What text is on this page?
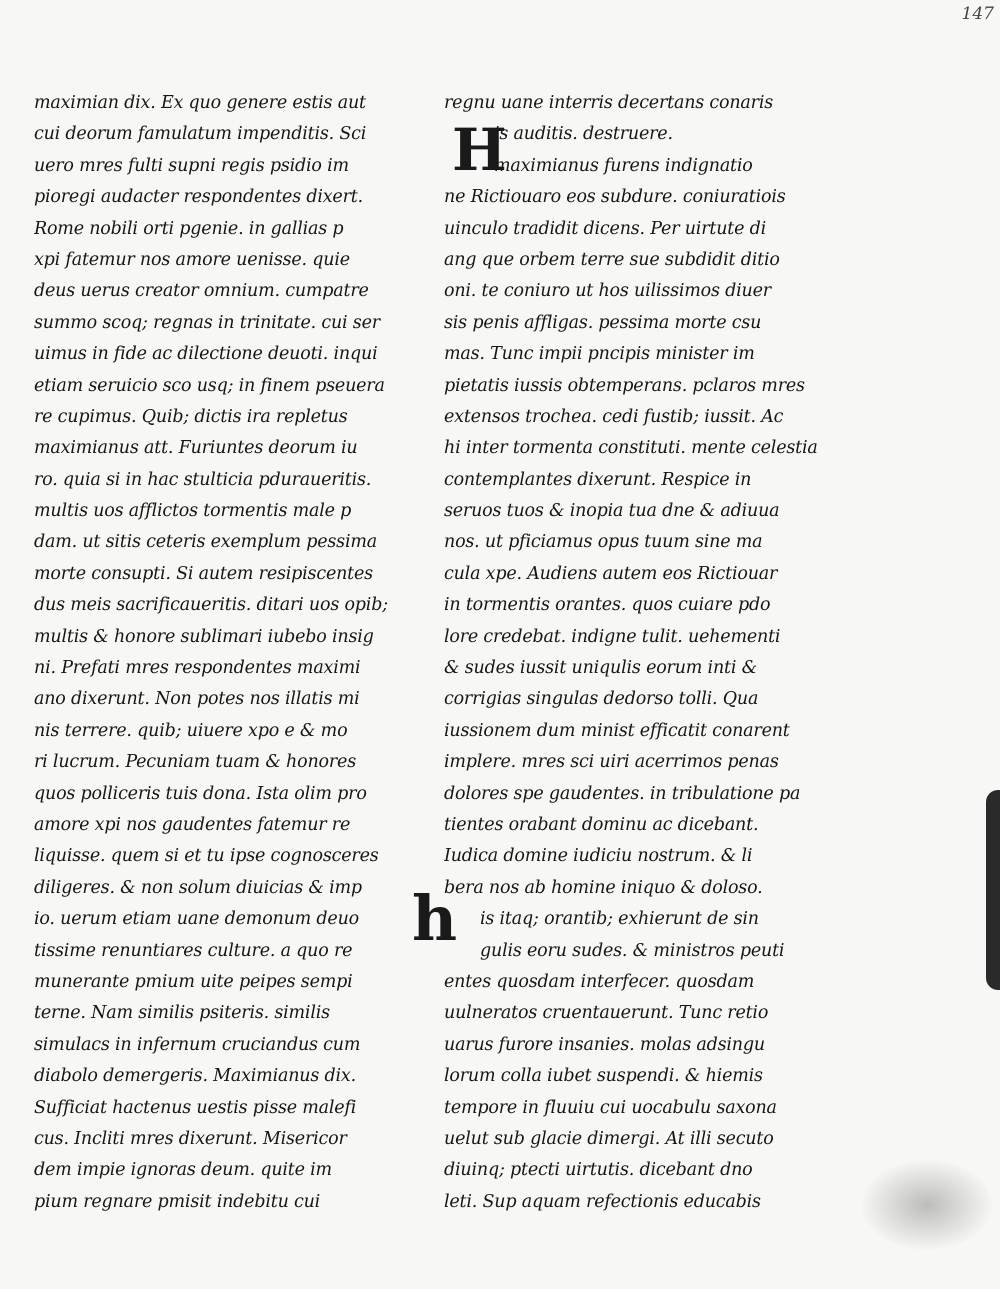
147
maximian dix. Ex quo genere estis aut
cui deorum famulatum impenditis. Sci
uero mres fulti supni regis psidio im
pioregi audacter respondentes dixert.
Rome nobili orti pgenie. in gallias p
xpi fatemur nos amore uenisse. quie
deus uerus creator omnium. cumpatre
summo scoq; regnas in trinitate. cui ser
uimus in fide ac dilectione deuoti. inqui
etiam seruicio sco usq; in finem pseuera
re cupimus. Quib; dictis ira repletus
maximianus att. Furiuntes deorum iu
ro. quia si in hac stulticia pduraueritis.
multis uos afflictos tormentis male p
dam. ut sitis ceteris exemplum pessima
morte consupti. Si autem resipiscentes
dus meis sacrificaueritis. ditari uos opib;
multis & honore sublimari iubebo insig
ni. Prefati mres respondentes maximi
ano dixerunt. Non potes nos illatis mi
nis terrere. quib; uiuere xpo e & mo
ri lucrum. Pecuniam tuam & honores
quos polliceris tuis dona. Ista olim pro
amore xpi nos gaudentes fatemur re
liquisse. quem si et tu ipse cognosceres
diligeres. & non solum diuicias & imp
io. uerum etiam uane demonum deuo
tissime renuntiares culture. a quo re
munerante pmium uite peipes sempi
terne. Nam similis psiteris. similis
simulacs in infernum cruciandus cum
diabolo demergeris. Maximianus dix.
Sufficiat hactenus uestis pisse malefi
cus. Incliti mres dixerunt. Misericor
dem impie ignoras deum. quite im
pium regnare pmisit indebitu cui
regnu uane interris decertans conaris
is auditis. destruere.
maximianus furens indignatio
ne Rictiouaro eos subdure. coniuratiois
uinculo tradidit dicens. Per uirtute di
ang que orbem terre sue subdidit ditio
oni. te coniuro ut hos uilissimos diuer
sis penis affligas. pessima morte csu
mas. Tunc impii pncipis minister im
pietatis iussis obtemperans. pclaros mres
extensos trochea. cedi fustib; iussit. Ac
hi inter tormenta constituti. mente celestia
contemplantes dixerunt. Respice in
seruos tuos & inopia tua dne & adiuua
nos. ut pficiamus opus tuum sine ma
cula xpe. Audiens autem eos Rictiouar
in tormentis orantes. quos cuiare pdo
lore credebat. indigne tulit. uehementi
& sudes iussit uniqulis eorum inti &
corrigias singulas dedorso tolli. Qua
iussionem dum minist efficatit conarent
implere. mres sci uiri acerrimos penas
dolores spe gaudentes. in tribulatione pa
tientes orabant dominu ac dicebant.
Iudica domine iudiciu nostrum. & li
bera nos ab homine iniquo & doloso.
is itaq; orantib; exhierunt de sin
gulis eoru sudes. & ministros peuti
entes quosdam interfecer. quosdam
uulneratos cruentauerunt. Tunc retio
uarus furore insanies. molas adsingu
lorum colla iubet suspendi. & hiemis
tempore in fluuiu cui uocabulu saxona
uelut sub glacie dimergi. At illi secuto
diuinq; ptecti uirtutis. dicebant dno
leti. Sup aquam refectionis educabis
H
h
